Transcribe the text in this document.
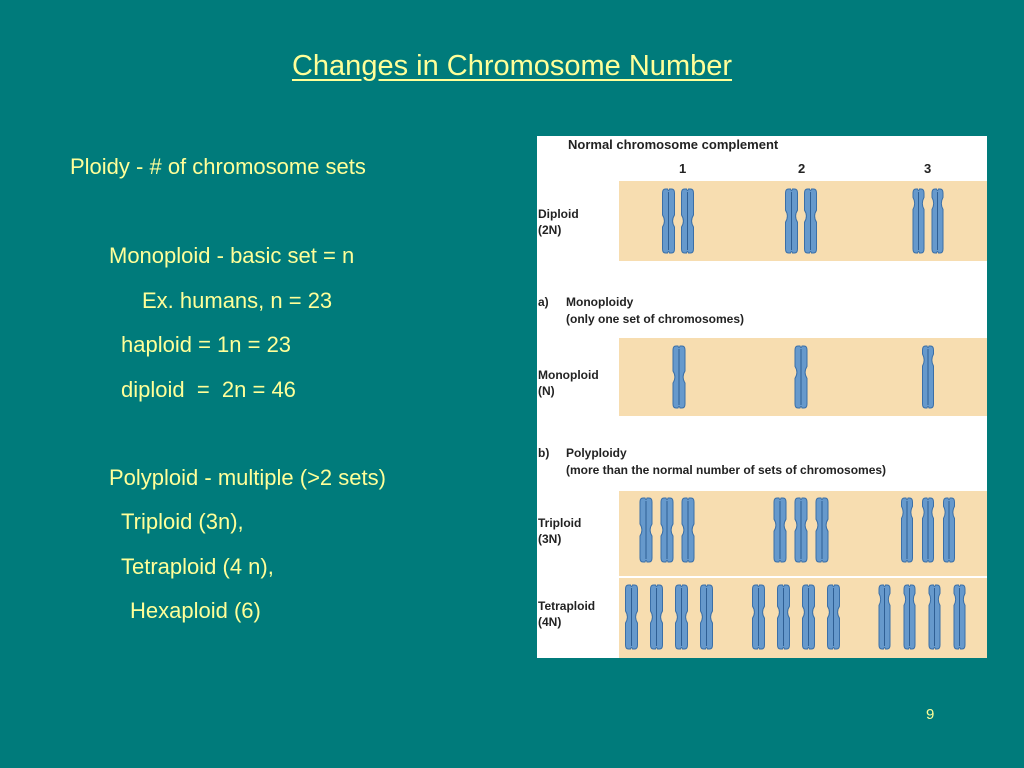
Changes in Chromosome Number
Ploidy - # of chromosome sets
Monoploid - basic set = n
Ex. humans, n = 23
haploid = 1n = 23
diploid  =  2n = 46
Polyploid - multiple (>2 sets)
Triploid (3n),
Tetraploid (4 n),
Hexaploid (6)
9
Normal chromosome complement
1	2	3
Diploid
(2N)
a) Monoploidy
(only one set of chromosomes)
Monoploid
(N)
b) Polyploidy
(more than the normal number of sets of chromosomes)
Triploid
(3N)
Tetraploid
(4N)
